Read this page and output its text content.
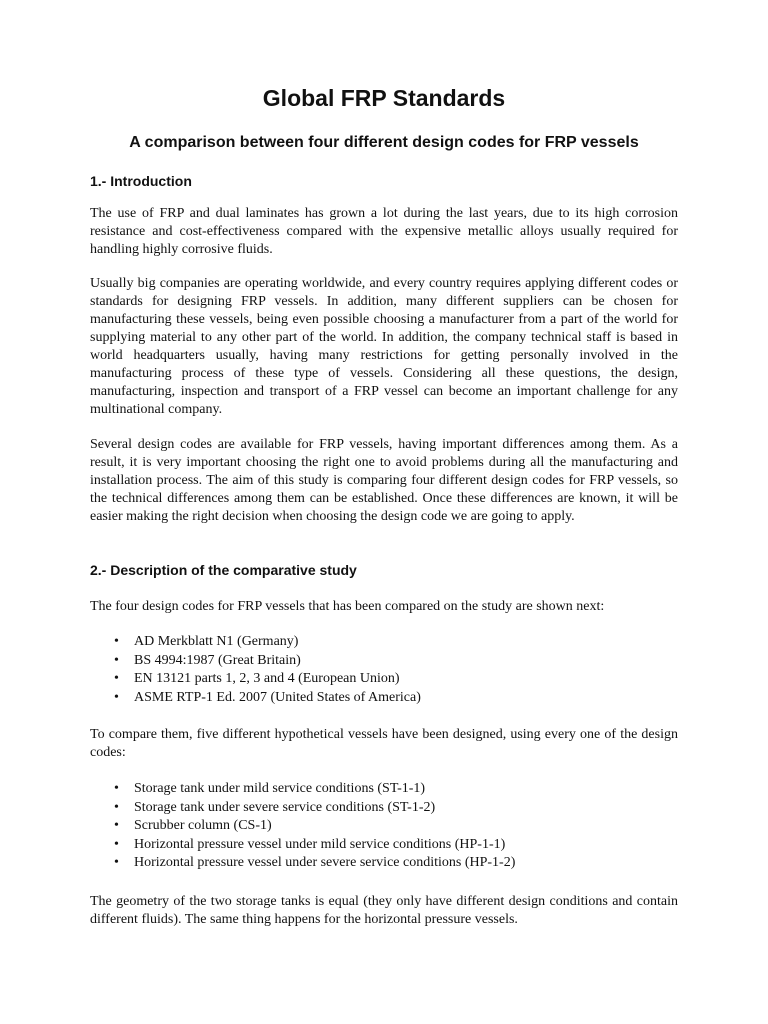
Global FRP Standards
A comparison between four different design codes for FRP vessels
1.- Introduction

The use of FRP and dual laminates has grown a lot during the last years, due to its high corrosion resistance and cost-effectiveness compared with the expensive metallic alloys usually required for handling highly corrosive fluids.

Usually big companies are operating worldwide, and every country requires applying different codes or standards for designing FRP vessels. In addition, many different suppliers can be chosen for manufacturing these vessels, being even possible choosing a manufacturer from a part of the world for supplying material to any other part of the world. In addition, the company technical staff is based in world headquarters usually, having many restrictions for getting personally involved in the manufacturing process of these type of vessels. Considering all these questions, the design, manufacturing, inspection and transport of a FRP vessel can become an important challenge for any multinational company.

Several design codes are available for FRP vessels, having important differences among them. As a result, it is very important choosing the right one to avoid problems during all the manufacturing and installation process. The aim of this study is comparing four different design codes for FRP vessels, so the technical differences among them can be established. Once these differences are known, it will be easier making the right decision when choosing the design code we are going to apply.

2.- Description of the comparative study

The four design codes for FRP vessels that has been compared on the study are shown next:

• AD Merkblatt N1 (Germany)
• BS 4994:1987 (Great Britain)
• EN 13121 parts 1, 2, 3 and 4 (European Union)
• ASME RTP-1 Ed. 2007 (United States of America)

To compare them, five different hypothetical vessels have been designed, using every one of the design codes:

• Storage tank under mild service conditions (ST-1-1)
• Storage tank under severe service conditions (ST-1-2)
• Scrubber column (CS-1)
• Horizontal pressure vessel under mild service conditions (HP-1-1)
• Horizontal pressure vessel under severe service conditions (HP-1-2)

The geometry of the two storage tanks is equal (they only have different design conditions and contain different fluids). The same thing happens for the horizontal pressure vessels.
